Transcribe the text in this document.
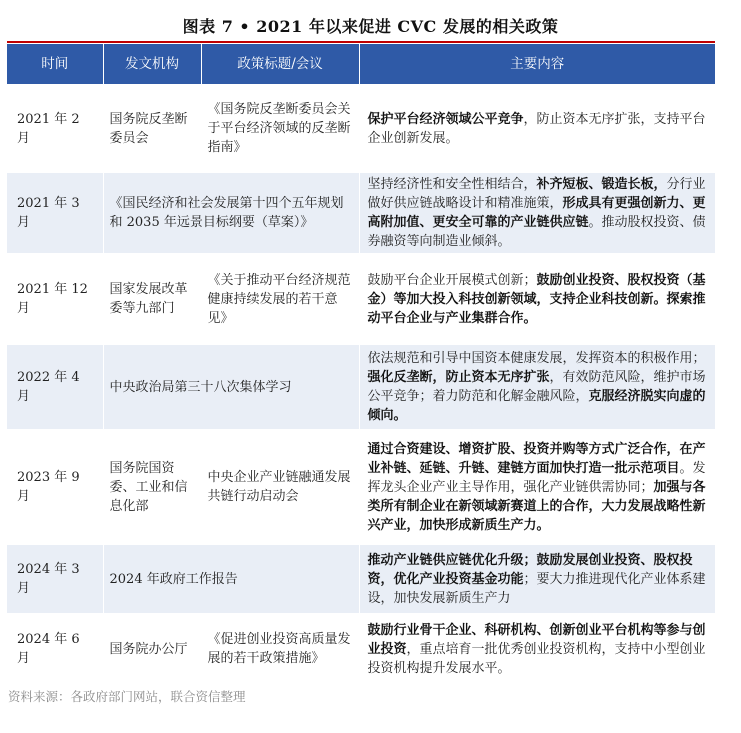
图表 7 • 2021 年以来促进 CVC 发展的相关政策
时间	发文机构	政策标题/会议	主要内容
2021 年 2 月	国务院反垄断委员会	《国务院反垄断委员会关于平台经济领域的反垄断指南》	保护平台经济领域公平竞争，防止资本无序扩张，支持平台企业创新发展。
2021 年 3 月	《国民经济和社会发展第十四个五年规划和 2035 年远景目标纲要（草案）》		坚持经济性和安全性相结合，补齐短板、锻造长板，分行业做好供应链战略设计和精准施策，形成具有更强创新力、更高附加值、更安全可靠的产业链供应链。推动股权投资、债券融资等向制造业倾斜。
2021 年 12 月	国家发展改革委等九部门	《关于推动平台经济规范健康持续发展的若干意见》	鼓励平台企业开展模式创新；鼓励创业投资、股权投资（基金）等加大投入科技创新领域，支持企业科技创新。探索推动平台企业与产业集群合作。
2022 年 4 月	中央政治局第三十八次集体学习		依法规范和引导中国资本健康发展，发挥资本的积极作用；强化反垄断，防止资本无序扩张，有效防范风险，维护市场公平竞争；着力防范和化解金融风险，克服经济脱实向虚的倾向。
2023 年 9 月	国务院国资委、工业和信息化部	中央企业产业链融通发展共链行动启动会	通过合资建设、增资扩股、投资并购等方式广泛合作，在产业补链、延链、升链、建链方面加快打造一批示范项目。发挥龙头企业产业主导作用，强化产业链供需协同；加强与各类所有制企业在新领域新赛道上的合作，大力发展战略性新兴产业，加快形成新质生产力。
2024 年 3 月	2024 年政府工作报告		推动产业链供应链优化升级；鼓励发展创业投资、股权投资，优化产业投资基金功能；要大力推进现代化产业体系建设，加快发展新质生产力
2024 年 6 月	国务院办公厅	《促进创业投资高质量发展的若干政策措施》	鼓励行业骨干企业、科研机构、创新创业平台机构等参与创业投资，重点培育一批优秀创业投资机构，支持中小型创业投资机构提升发展水平。
资料来源：各政府部门网站，联合资信整理
